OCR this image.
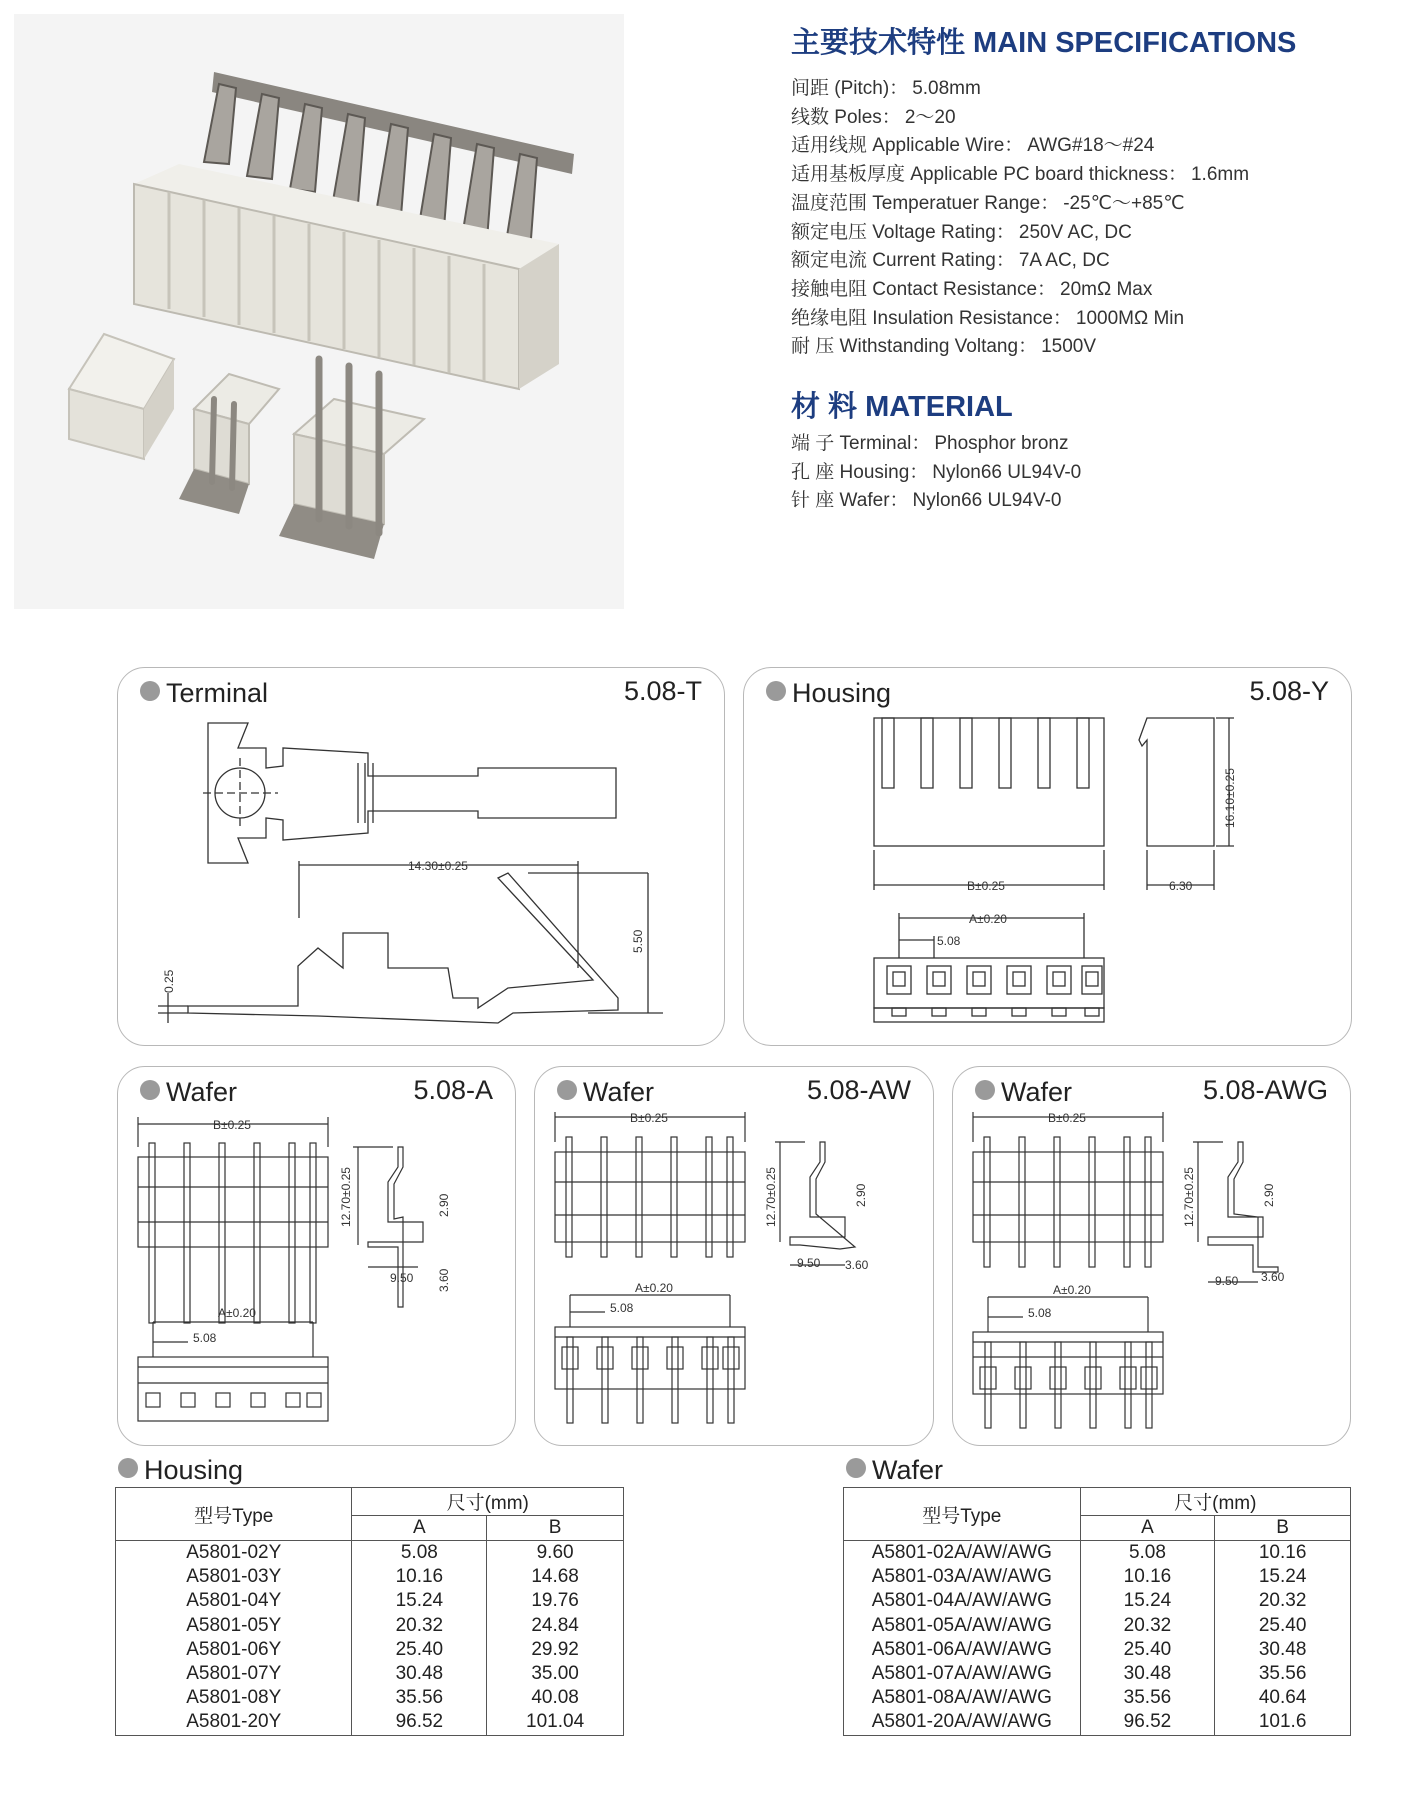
主要技术特性 MAIN SPECIFICATIONS
间距 (Pitch)： 5.08mm
线数 Poles： 2～20
适用线规 Applicable Wire： AWG#18～#24
适用基板厚度 Applicable PC board thickness： 1.6mm
温度范围 Temperatuer Range： -25℃～+85℃
额定电压 Voltage Rating： 250V AC, DC
额定电流 Current Rating： 7A AC, DC
接触电阻 Contact Resistance： 20mΩ Max
绝缘电阻 Insulation Resistance： 1000MΩ Min
耐 压 Withstanding Voltang： 1500V
材 料 MATERIAL
端 子 Terminal： Phosphor bronz
孔 座 Housing： Nylon66 UL94V-0
针 座 Wafer： Nylon66 UL94V-0
Terminal	5.08-T
14.30±0.25
5.50
0.25
Housing	5.08-Y
B±0.25
16.10±0.25
6.30
A±0.20
5.08
Wafer	5.08-A
B±0.25
12.70±0.25	2.90
9.50 3.60
A±0.20
5.08
Wafer	5.08-AW
B±0.25
12.70±0.25	2.90
9.50 3.60
A±0.20
5.08
Wafer	5.08-AWG
B±0.25
12.70±0.25	2.90
9.50 3.60
A±0.20
5.08
Housing
型号Type	尺寸(mm)	
	A	B
A5801-02Y	5.08	9.60
A5801-03Y	10.16	14.68
A5801-04Y	15.24	19.76
A5801-05Y	20.32	24.84
A5801-06Y	25.40	29.92
A5801-07Y	30.48	35.00
A5801-08Y	35.56	40.08
A5801-20Y	96.52	101.04
Wafer
型号Type	尺寸(mm)	
	A	B
A5801-02A/AW/AWG	5.08	10.16
A5801-03A/AW/AWG	10.16	15.24
A5801-04A/AW/AWG	15.24	20.32
A5801-05A/AW/AWG	20.32	25.40
A5801-06A/AW/AWG	25.40	30.48
A5801-07A/AW/AWG	30.48	35.56
A5801-08A/AW/AWG	35.56	40.64
A5801-20A/AW/AWG	96.52	101.6
